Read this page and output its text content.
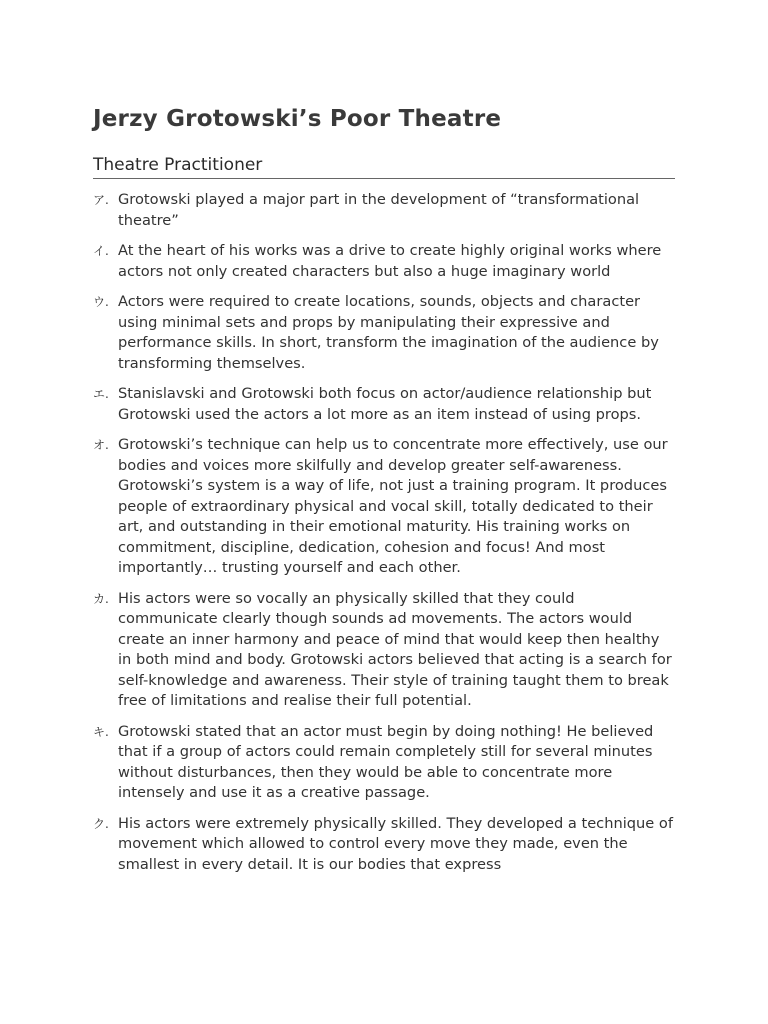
Jerzy Grotowski’s Poor Theatre
Theatre Practitioner
ア. Grotowski played a major part in the development of “transformational theatre”
イ. At the heart of his works was a drive to create highly original works where actors not only created characters but also a huge imaginary world
ウ. Actors were required to create locations, sounds, objects and character using minimal sets and props by manipulating their expressive and performance skills. In short, transform the imagination of the audience by transforming themselves.
エ. Stanislavski and Grotowski both focus on actor/audience relationship but Grotowski used the actors a lot more as an item instead of using props.
オ. Grotowski’s technique can help us to concentrate more effectively, use our bodies and voices more skilfully and develop greater self-awareness. Grotowski’s system is a way of life, not just a training program. It produces people of extraordinary physical and vocal skill, totally dedicated to their art, and outstanding in their emotional maturity. His training works on commitment, discipline, dedication, cohesion and focus! And most importantly… trusting yourself and each other.
カ. His actors were so vocally an physically skilled that they could communicate clearly though sounds ad movements. The actors would create an inner harmony and peace of mind that would keep then healthy in both mind and body. Grotowski actors believed that acting is a search for self-knowledge and awareness. Their style of training taught them to break free of limitations and realise their full potential.
キ. Grotowski stated that an actor must begin by doing nothing! He believed that if a group of actors could remain completely still for several minutes without disturbances, then they would be able to concentrate more intensely and use it as a creative passage.
ク. His actors were extremely physically skilled. They developed a technique of movement which allowed to control every move they made, even the smallest in every detail. It is our bodies that express
